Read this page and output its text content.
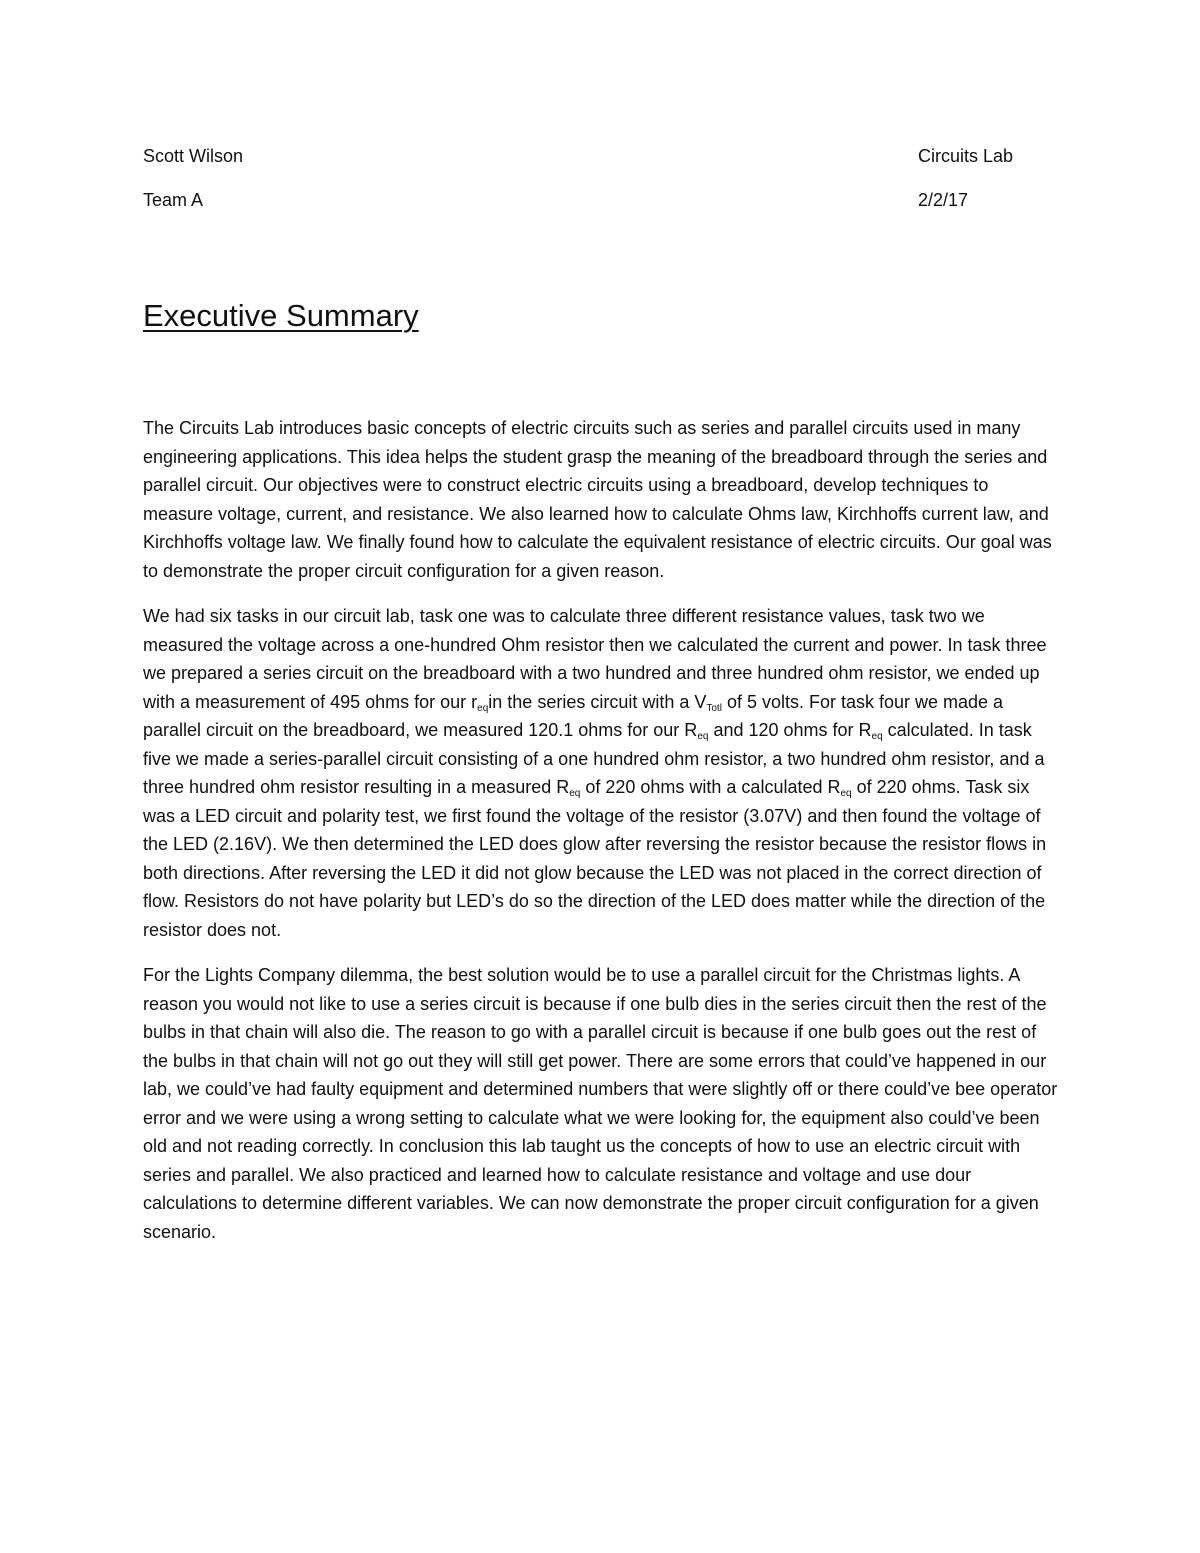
Scott Wilson	Circuits Lab
Team A	2/2/17
Executive Summary

The Circuits Lab introduces basic concepts of electric circuits such as series and parallel circuits used in many engineering applications. This idea helps the student grasp the meaning of the breadboard through the series and parallel circuit. Our objectives were to construct electric circuits using a breadboard, develop techniques to measure voltage, current, and resistance. We also learned how to calculate Ohms law, Kirchhoffs current law, and Kirchhoffs voltage law. We finally found how to calculate the equivalent resistance of electric circuits. Our goal was to demonstrate the proper circuit configuration for a given reason.

We had six tasks in our circuit lab, task one was to calculate three different resistance values, task two we measured the voltage across a one-hundred Ohm resistor then we calculated the current and power. In task three we prepared a series circuit on the breadboard with a two hundred and three hundred ohm resistor, we ended up with a measurement of 495 ohms for our $r_{eq}in$ the series circuit with a $V_{Totl}$ of 5 volts. For task four we made a parallel circuit on the breadboard, we measured 120.1 ohms for our $R_{eq}$ and 120 ohms for $R_{eq}$ calculated. In task five we made a series-parallel circuit consisting of a one hundred ohm resistor, a two hundred ohm resistor, and a three hundred ohm resistor resulting in a measured $R_{eq}$ of 220 ohms with a calculated $R_{eq}$ of 220 ohms. Task six was a LED circuit and polarity test, we first found the voltage of the resistor (3.07V) and then found the voltage of the LED (2.16V). We then determined the LED does glow after reversing the resistor because the resistor flows in both directions. After reversing the LED it did not glow because the LED was not placed in the correct direction of flow. Resistors do not have polarity but LED’s do so the direction of the LED does matter while the direction of the resistor does not.

For the Lights Company dilemma, the best solution would be to use a parallel circuit for the Christmas lights. A reason you would not like to use a series circuit is because if one bulb dies in the series circuit then the rest of the bulbs in that chain will also die. The reason to go with a parallel circuit is because if one bulb goes out the rest of the bulbs in that chain will not go out they will still get power. There are some errors that could’ve happened in our lab, we could’ve had faulty equipment and determined numbers that were slightly off or there could’ve bee operator error and we were using a wrong setting to calculate what we were looking for, the equipment also could’ve been old and not reading correctly. In conclusion this lab taught us the concepts of how to use an electric circuit with series and parallel. We also practiced and learned how to calculate resistance and voltage and use dour calculations to determine different variables. We can now demonstrate the proper circuit configuration for a given scenario.
